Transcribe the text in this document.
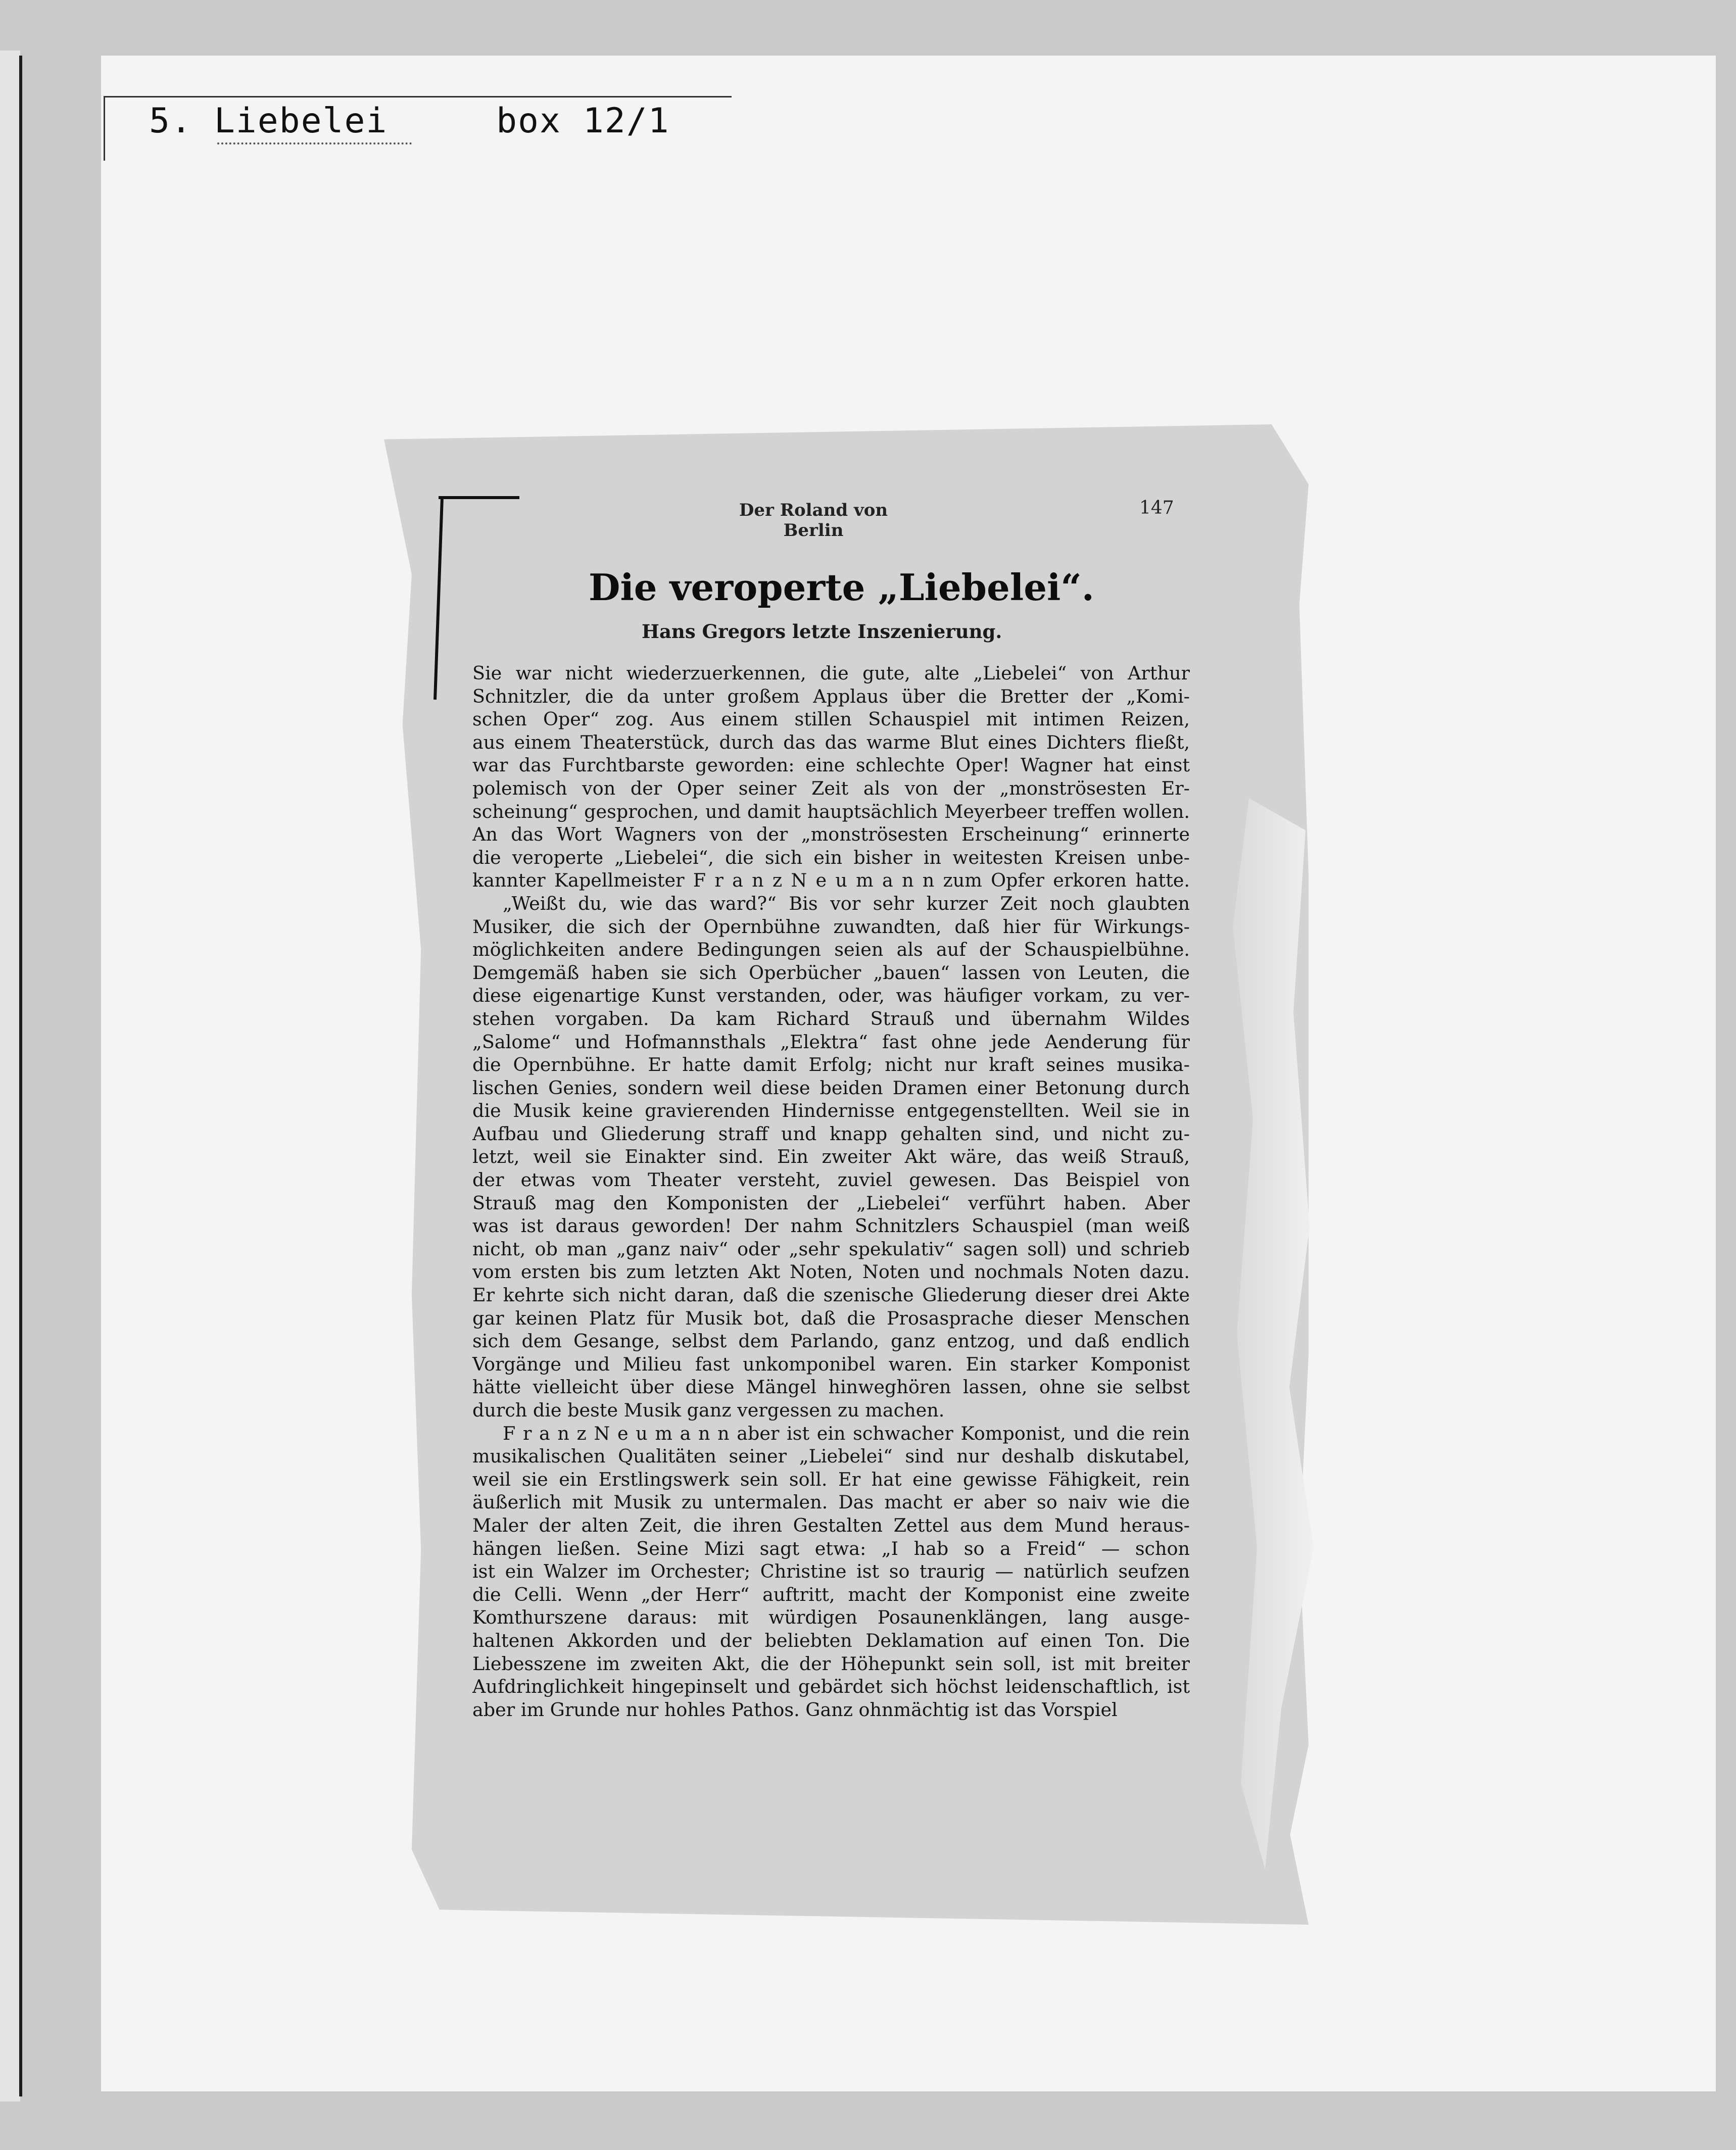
5. Liebelei	box 12/1
Der Roland von Berlin
147
Die veroperte „Liebelei“.
Hans Gregors letzte Inszenierung.
Sie war nicht wiederzuerkennen, die gute, alte „Liebelei“ von Arthur
Schnitzler, die da unter großem Applaus über die Bretter der „Komi-
schen Oper“ zog. Aus einem stillen Schauspiel mit intimen Reizen,
aus einem Theaterstück, durch das das warme Blut eines Dichters fließt,
war das Furchtbarste geworden: eine schlechte Oper! Wagner hat einst
polemisch von der Oper seiner Zeit als von der „monströsesten Er-
scheinung“ gesprochen, und damit hauptsächlich Meyerbeer treffen wollen.
An das Wort Wagners von der „monströsesten Erscheinung“ erinnerte
die veroperte „Liebelei“, die sich ein bisher in weitesten Kreisen unbe-
kannter Kapellmeister F r a n z N e u m a n n zum Opfer erkoren hatte.
„Weißt du, wie das ward?“ Bis vor sehr kurzer Zeit noch glaubten
Musiker, die sich der Opernbühne zuwandten, daß hier für Wirkungs-
möglichkeiten andere Bedingungen seien als auf der Schauspielbühne.
Demgemäß haben sie sich Operbücher „bauen“ lassen von Leuten, die
diese eigenartige Kunst verstanden, oder, was häufiger vorkam, zu ver-
stehen vorgaben. Da kam Richard Strauß und übernahm Wildes
„Salome“ und Hofmannsthals „Elektra“ fast ohne jede Aenderung für
die Opernbühne. Er hatte damit Erfolg; nicht nur kraft seines musika-
lischen Genies, sondern weil diese beiden Dramen einer Betonung durch
die Musik keine gravierenden Hindernisse entgegenstellten. Weil sie in
Aufbau und Gliederung straff und knapp gehalten sind, und nicht zu-
letzt, weil sie Einakter sind. Ein zweiter Akt wäre, das weiß Strauß,
der etwas vom Theater versteht, zuviel gewesen. Das Beispiel von
Strauß mag den Komponisten der „Liebelei“ verführt haben. Aber
was ist daraus geworden! Der nahm Schnitzlers Schauspiel (man weiß
nicht, ob man „ganz naiv“ oder „sehr spekulativ“ sagen soll) und schrieb
vom ersten bis zum letzten Akt Noten, Noten und nochmals Noten dazu.
Er kehrte sich nicht daran, daß die szenische Gliederung dieser drei Akte
gar keinen Platz für Musik bot, daß die Prosasprache dieser Menschen
sich dem Gesange, selbst dem Parlando, ganz entzog, und daß endlich
Vorgänge und Milieu fast unkomponibel waren. Ein starker Komponist
hätte vielleicht über diese Mängel hinweghören lassen, ohne sie selbst
durch die beste Musik ganz vergessen zu machen.
F r a n z N e u m a n n aber ist ein schwacher Komponist, und die rein
musikalischen Qualitäten seiner „Liebelei“ sind nur deshalb diskutabel,
weil sie ein Erstlingswerk sein soll. Er hat eine gewisse Fähigkeit, rein
äußerlich mit Musik zu untermalen. Das macht er aber so naiv wie die
Maler der alten Zeit, die ihren Gestalten Zettel aus dem Mund heraus-
hängen ließen. Seine Mizi sagt etwa: „I hab so a Freid“ — schon
ist ein Walzer im Orchester; Christine ist so traurig — natürlich seufzen
die Celli. Wenn „der Herr“ auftritt, macht der Komponist eine zweite
Komthurszene daraus: mit würdigen Posaunenklängen, lang ausge-
haltenen Akkorden und der beliebten Deklamation auf einen Ton. Die
Liebesszene im zweiten Akt, die der Höhepunkt sein soll, ist mit breiter
Aufdringlichkeit hingepinselt und gebärdet sich höchst leidenschaftlich, ist
aber im Grunde nur hohles Pathos. Ganz ohnmächtig ist das Vorspiel
